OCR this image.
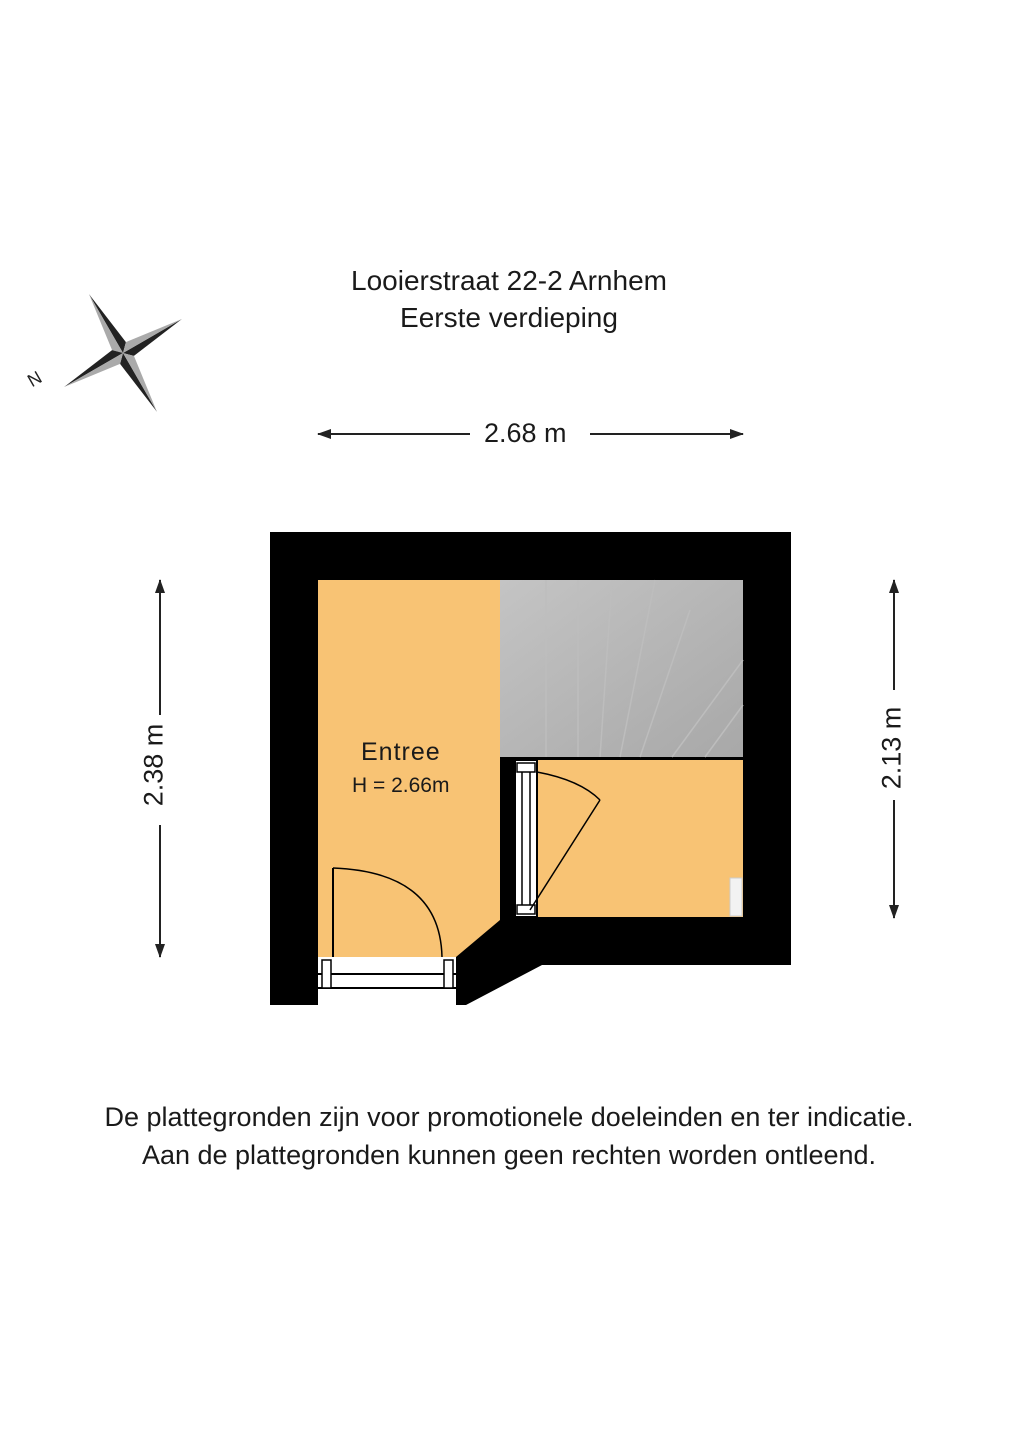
Looierstraat 22-2 Arnhem
Eerste verdieping
N
2.68 m
2.38 m	2.13 m
Entree
H = 2.66m
De plattegronden zijn voor promotionele doeleinden en ter indicatie.
Aan de plattegronden kunnen geen rechten worden ontleend.
